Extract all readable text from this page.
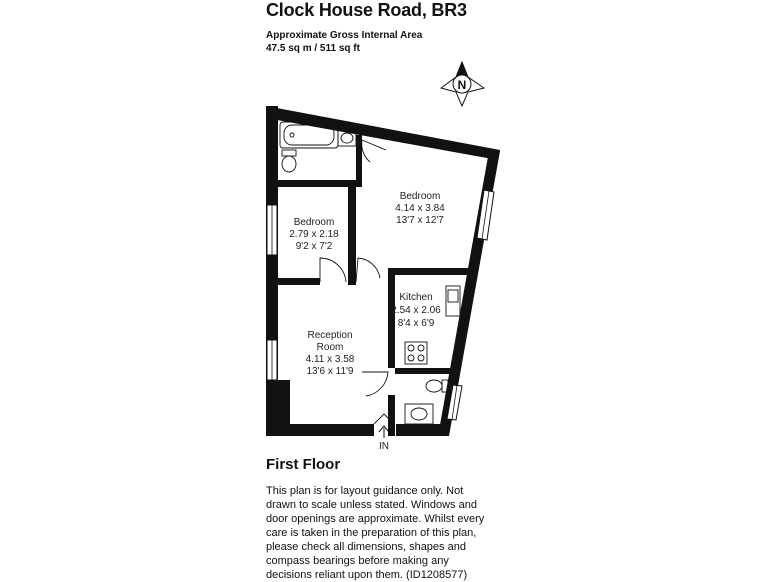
Clock House Road, BR3
Approximate Gross Internal Area
47.5 sq m / 511 sq ft
N
Bedroom
4.14 x 3.84
13'7 x 12'7
Bedroom
2.79 x 2.18
9'2 x 7'2
Kitchen
2.54 x 2.06
8'4 x 6'9
Reception
Room
4.11 x 3.58
13'6 x 11'9
IN
First Floor
This plan is for layout guidance only. Not
drawn to scale unless stated. Windows and
door openings are approximate. Whilst every
care is taken in the preparation of this plan,
please check all dimensions, shapes and
compass bearings before making any
decisions reliant upon them. (ID1208577)
